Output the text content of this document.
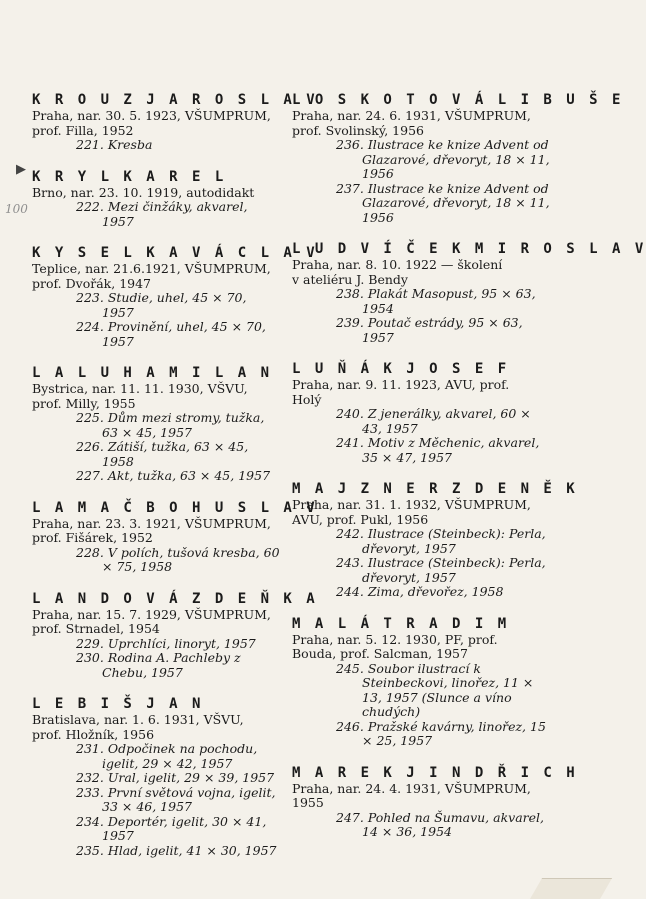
▶
100
K R O U Z J A R O S L A V
Praha, nar. 30. 5. 1923, VŠUMPRUM,
prof. Filla, 1952
221. Kresba
K R Y L K A R E L
Brno, nar. 23. 10. 1919, autodidakt
222. Mezi činžáky, akvarel, 1957
K Y S E L K A V Á C L A V
Teplice, nar. 21.6.1921, VŠUMPRUM,
prof. Dvořák, 1947
223. Studie, uhel, 45 × 70, 1957
224. Provinění, uhel, 45 × 70, 1957
L A L U H A M I L A N
Bystrica, nar. 11. 11. 1930, VŠVU,
prof. Milly, 1955
225. Dům mezi stromy, tužka, 63 × 45, 1957
226. Zátiší, tužka, 63 × 45, 1958
227. Akt, tužka, 63 × 45, 1957
L A M A Č B O H U S L A V
Praha, nar. 23. 3. 1921, VŠUMPRUM,
prof. Fišárek, 1952
228. V polích, tušová kresba, 60 × 75, 1958
L A N D O V Á Z D E Ň K A
Praha, nar. 15. 7. 1929, VŠUMPRUM,
prof. Strnadel, 1954
229. Uprchlíci, linoryt, 1957
230. Rodina A. Pachleby z Chebu, 1957
L E B I Š J A N
Bratislava, nar. 1. 6. 1931, VŠVU,
prof. Hložník, 1956
231. Odpočinek na pochodu, igelit, 29 × 42, 1957
232. Ural, igelit, 29 × 39, 1957
233. První světová vojna, igelit, 33 × 46, 1957
234. Deportér, igelit, 30 × 41, 1957
235. Hlad, igelit, 41 × 30, 1957
L O S K O T O V Á L I B U Š E
Praha, nar. 24. 6. 1931, VŠUMPRUM,
prof. Svolinský, 1956
236. Ilustrace ke knize Advent od Glazarové, dřevoryt, 18 × 11, 1956
237. Ilustrace ke knize Advent od Glazarové, dřevoryt, 18 × 11, 1956
L U D V Í Č E K M I R O S L A V
Praha, nar. 8. 10. 1922 — školení
v ateliéru J. Bendy
238. Plakát Masopust, 95 × 63, 1954
239. Poutač estrády, 95 × 63, 1957
L U Ň Á K J O S E F
Praha, nar. 9. 11. 1923, AVU, prof.
Holý
240. Z jenerálky, akvarel, 60 × 43, 1957
241. Motiv z Měchenic, akvarel, 35 × 47, 1957
M A J Z N E R Z D E N Ě K
Praha, nar. 31. 1. 1932, VŠUMPRUM,
AVU, prof. Pukl, 1956
242. Ilustrace (Steinbeck): Perla, dřevoryt, 1957
243. Ilustrace (Steinbeck): Perla, dřevoryt, 1957
244. Zima, dřevořez, 1958
M A L Á T R A D I M
Praha, nar. 5. 12. 1930, PF, prof.
Bouda, prof. Salcman, 1957
245. Soubor ilustrací k Steinbeckovi, linořez, 11 × 13, 1957 (Slunce a víno chudých)
246. Pražské kavárny, linořez, 15 × 25, 1957
M A R E K J I N D Ř I C H
Praha, nar. 24. 4. 1931, VŠUMPRUM,
1955
247. Pohled na Šumavu, akvarel, 14 × 36, 1954
